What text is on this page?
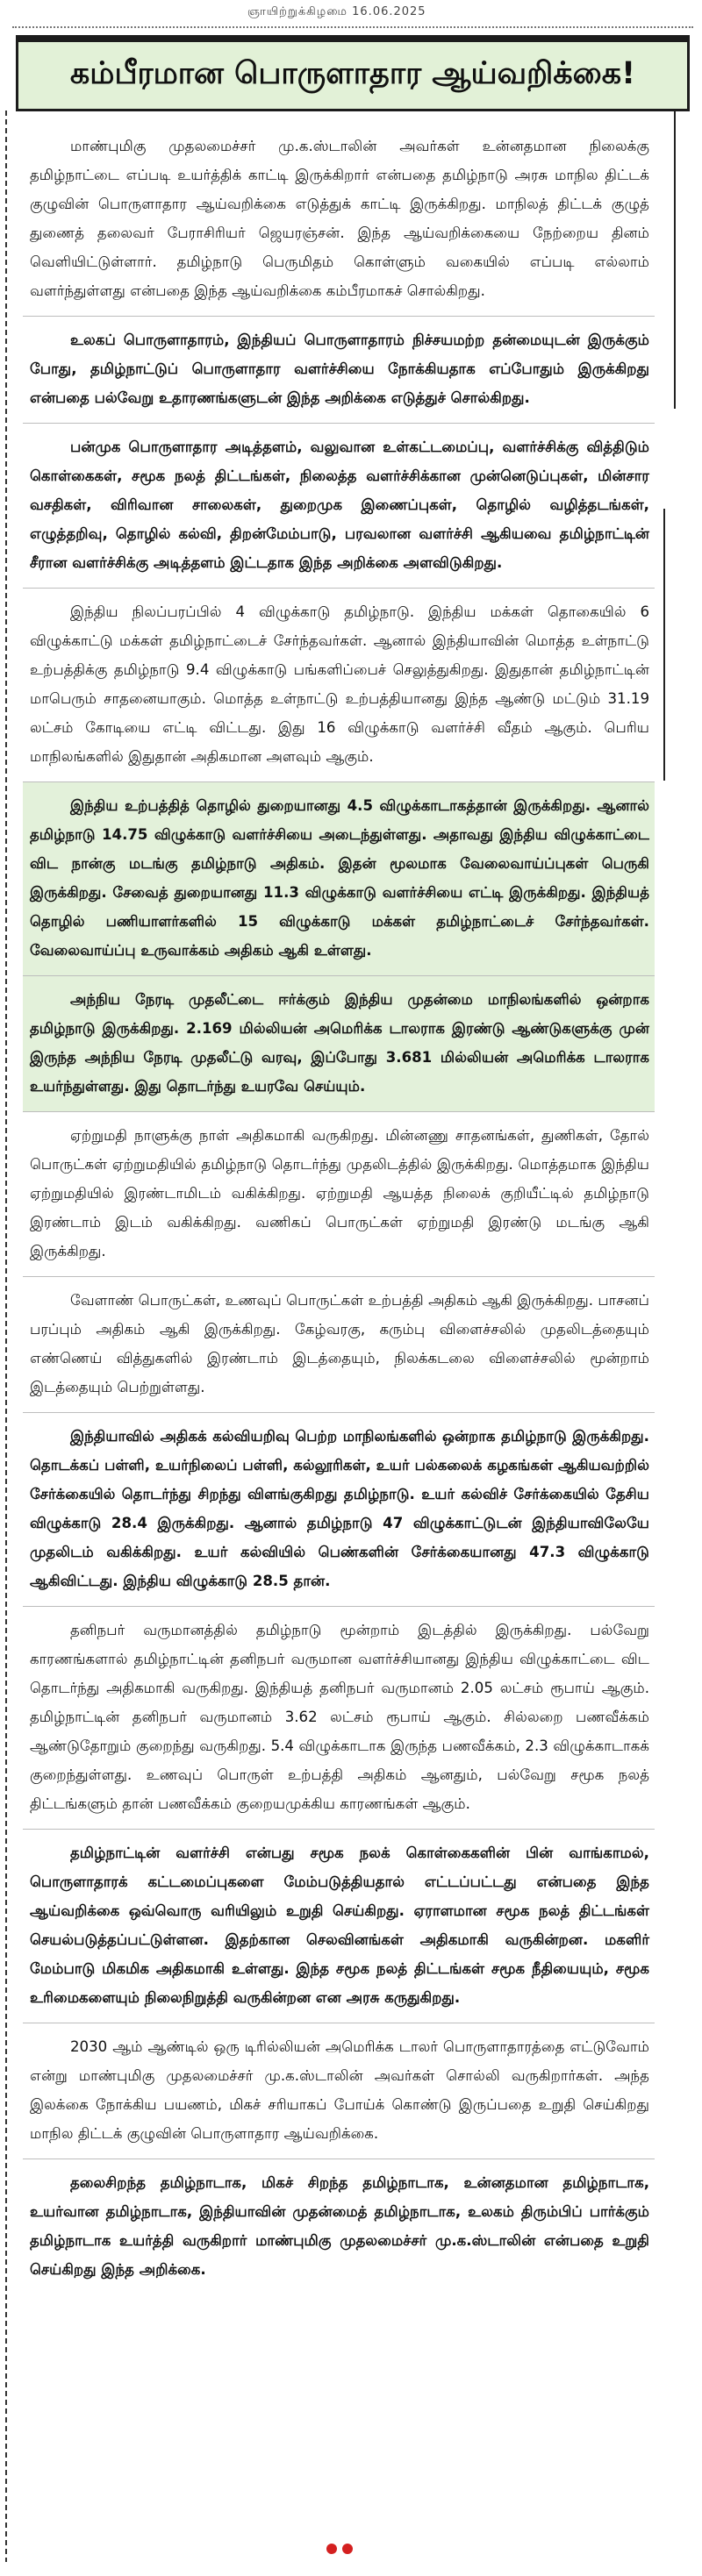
ஞாயிற்றுக்கிழமை 16.06.2025
கம்பீரமான பொருளாதார ஆய்வறிக்கை!

மாண்புமிகு முதலமைச்சர் மு.க.ஸ்டாலின் அவர்கள் உன்னதமான நிலைக்கு தமிழ்நாட்டை எப்படி உயர்த்திக் காட்டி இருக்கிறார் என்பதை தமிழ்நாடு அரசு மாநில திட்டக் குழுவின் பொருளாதார ஆய்வறிக்கை எடுத்துக் காட்டி இருக்கிறது. மாநிலத் திட்டக் குழுத் துணைத் தலைவர் பேராசிரியர் ஜெயரஞ்சன். இந்த ஆய்வறிக்கையை நேற்றைய தினம் வெளியிட்டுள்ளார். தமிழ்நாடு பெருமிதம் கொள்ளும் வகையில் எப்படி எல்லாம் வளர்ந்துள்ளது என்பதை இந்த ஆய்வறிக்கை கம்பீரமாகச் சொல்கிறது.

உலகப் பொருளாதாரம், இந்தியப் பொருளாதாரம் நிச்சயமற்ற தன்மையுடன் இருக்கும் போது, தமிழ்நாட்டுப் பொருளாதார வளர்ச்சியை நோக்கியதாக எப்போதும் இருக்கிறது என்பதை பல்வேறு உதாரணங்களுடன் இந்த அறிக்கை எடுத்துச் சொல்கிறது.

பன்முக பொருளாதார அடித்தளம், வலுவான உள்கட்டமைப்பு, வளர்ச்சிக்கு வித்திடும் கொள்கைகள், சமூக நலத் திட்டங்கள், நிலைத்த வளர்ச்சிக்கான முன்னெடுப்புகள், மின்சார வசதிகள், விரிவான சாலைகள், துறைமுக இணைப்புகள், தொழில் வழித்தடங்கள், எழுத்தறிவு, தொழில் கல்வி, திறன்மேம்பாடு, பரவலான வளர்ச்சி ஆகியவை தமிழ்நாட்டின் சீரான வளர்ச்சிக்கு அடித்தளம் இட்டதாக இந்த அறிக்கை அளவிடுகிறது.

இந்திய நிலப்பரப்பில் 4 விழுக்காடு தமிழ்நாடு. இந்திய மக்கள் தொகையில் 6 விழுக்காட்டு மக்கள் தமிழ்நாட்டைச் சேர்ந்தவர்கள். ஆனால் இந்தியாவின் மொத்த உள்நாட்டு உற்பத்திக்கு தமிழ்நாடு 9.4 விழுக்காடு பங்களிப்பைச் செலுத்துகிறது. இதுதான் தமிழ்நாட்டின் மாபெரும் சாதனையாகும். மொத்த உள்நாட்டு உற்பத்தியானது இந்த ஆண்டு மட்டும் 31.19 லட்சம் கோடியை எட்டி விட்டது. இது 16 விழுக்காடு வளர்ச்சி வீதம் ஆகும். பெரிய மாநிலங்களில் இதுதான் அதிகமான அளவும் ஆகும்.

இந்திய உற்பத்தித் தொழில் துறையானது 4.5 விழுக்காடாகத்தான் இருக்கிறது. ஆனால் தமிழ்நாடு 14.75 விழுக்காடு வளர்ச்சியை அடைந்துள்ளது. அதாவது இந்திய விழுக்காட்டை விட நான்கு மடங்கு தமிழ்நாடு அதிகம். இதன் மூலமாக வேலைவாய்ப்புகள் பெருகி இருக்கிறது. சேவைத் துறையானது 11.3 விழுக்காடு வளர்ச்சியை எட்டி இருக்கிறது. இந்தியத் தொழில் பணியாளர்களில் 15 விழுக்காடு மக்கள் தமிழ்நாட்டைச் சேர்ந்தவர்கள். வேலைவாய்ப்பு உருவாக்கம் அதிகம் ஆகி உள்ளது.

அந்நிய நேரடி முதலீட்டை ஈர்க்கும் இந்திய முதன்மை மாநிலங்களில் ஒன்றாக தமிழ்நாடு இருக்கிறது. 2.169 மில்லியன் அமெரிக்க டாலராக இரண்டு ஆண்டுகளுக்கு முன் இருந்த அந்நிய நேரடி முதலீட்டு வரவு, இப்போது 3.681 மில்லியன் அமெரிக்க டாலராக உயர்ந்துள்ளது. இது தொடர்ந்து உயரவே செய்யும்.

ஏற்றுமதி நாளுக்கு நாள் அதிகமாகி வருகிறது. மின்னணு சாதனங்கள், துணிகள், தோல் பொருட்கள் ஏற்றுமதியில் தமிழ்நாடு தொடர்ந்து முதலிடத்தில் இருக்கிறது. மொத்தமாக இந்திய ஏற்றுமதியில் இரண்டாமிடம் வகிக்கிறது. ஏற்றுமதி ஆயத்த நிலைக் குறியீட்டில் தமிழ்நாடு இரண்டாம் இடம் வகிக்கிறது. வணிகப் பொருட்கள் ஏற்றுமதி இரண்டு மடங்கு ஆகி இருக்கிறது.

வேளாண் பொருட்கள், உணவுப் பொருட்கள் உற்பத்தி அதிகம் ஆகி இருக்கிறது. பாசனப் பரப்பும் அதிகம் ஆகி இருக்கிறது. கேழ்வரகு, கரும்பு விளைச்சலில் முதலிடத்தையும் எண்ணெய் வித்துகளில் இரண்டாம் இடத்தையும், நிலக்கடலை விளைச்சலில் மூன்றாம் இடத்தையும் பெற்றுள்ளது.

இந்தியாவில் அதிகக் கல்வியறிவு பெற்ற மாநிலங்களில் ஒன்றாக தமிழ்நாடு இருக்கிறது. தொடக்கப் பள்ளி, உயர்நிலைப் பள்ளி, கல்லூரிகள், உயர் பல்கலைக் கழகங்கள் ஆகியவற்றில் சேர்க்கையில் தொடர்ந்து சிறந்து விளங்குகிறது தமிழ்நாடு. உயர் கல்விச் சேர்க்கையில் தேசிய விழுக்காடு 28.4 இருக்கிறது. ஆனால் தமிழ்நாடு 47 விழுக்காட்டுடன் இந்தியாவிலேயே முதலிடம் வகிக்கிறது. உயர் கல்வியில் பெண்களின் சேர்க்கையானது 47.3 விழுக்காடு ஆகிவிட்டது. இந்திய விழுக்காடு 28.5 தான்.

தனிநபர் வருமானத்தில் தமிழ்நாடு மூன்றாம் இடத்தில் இருக்கிறது. பல்வேறு காரணங்களால் தமிழ்நாட்டின் தனிநபர் வருமான வளர்ச்சியானது இந்திய விழுக்காட்டை விட தொடர்ந்து அதிகமாகி வருகிறது. இந்தியத் தனிநபர் வருமானம் 2.05 லட்சம் ரூபாய் ஆகும். தமிழ்நாட்டின் தனிநபர் வருமானம் 3.62 லட்சம் ரூபாய் ஆகும். சில்லறை பணவீக்கம் ஆண்டுதோறும் குறைந்து வருகிறது. 5.4 விழுக்காடாக இருந்த பணவீக்கம், 2.3 விழுக்காடாகக் குறைந்துள்ளது. உணவுப் பொருள் உற்பத்தி அதிகம் ஆனதும், பல்வேறு சமூக நலத் திட்டங்களும் தான் பணவீக்கம் குறையமுக்கிய காரணங்கள் ஆகும்.

தமிழ்நாட்டின் வளர்ச்சி என்பது சமூக நலக் கொள்கைகளின் பின் வாங்காமல், பொருளாதாரக் கட்டமைப்புகளை மேம்படுத்தியதால் எட்டப்பட்டது என்பதை இந்த ஆய்வறிக்கை ஒவ்வொரு வரியிலும் உறுதி செய்கிறது. ஏராளமான சமூக நலத் திட்டங்கள் செயல்படுத்தப்பட்டுள்ளன. இதற்கான செலவினங்கள் அதிகமாகி வருகின்றன. மகளிர் மேம்பாடு மிகமிக அதிகமாகி உள்ளது. இந்த சமூக நலத் திட்டங்கள் சமூக நீதியையும், சமூக உரிமைகளையும் நிலைநிறுத்தி வருகின்றன என அரசு கருதுகிறது.

2030 ஆம் ஆண்டில் ஒரு டிரில்லியன் அமெரிக்க டாலர் பொருளாதாரத்தை எட்டுவோம் என்று மாண்புமிகு முதலமைச்சர் மு.க.ஸ்டாலின் அவர்கள் சொல்லி வருகிறார்கள். அந்த இலக்கை நோக்கிய பயணம், மிகச் சரியாகப் போய்க் கொண்டு இருப்பதை உறுதி செய்கிறது மாநில திட்டக் குழுவின் பொருளாதார ஆய்வறிக்கை.

தலைசிறந்த தமிழ்நாடாக, மிகச் சிறந்த தமிழ்நாடாக, உன்னதமான தமிழ்நாடாக, உயர்வான தமிழ்நாடாக, இந்தியாவின் முதன்மைத் தமிழ்நாடாக, உலகம் திரும்பிப் பார்க்கும் தமிழ்நாடாக உயர்த்தி வருகிறார் மாண்புமிகு முதலமைச்சர் மு.க.ஸ்டாலின் என்பதை உறுதி செய்கிறது இந்த அறிக்கை.
